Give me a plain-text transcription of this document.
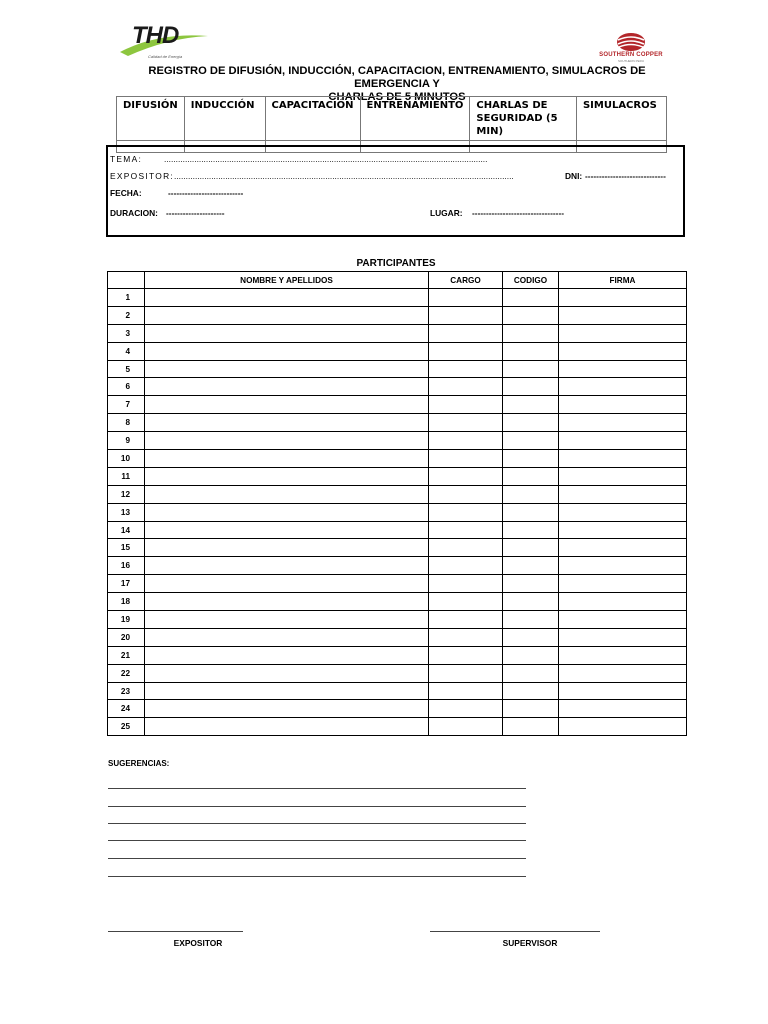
THD
Calidad de Energía	SOUTHERN COPPER
SOUTHERN PERU
REGISTRO DE DIFUSIÓN, INDUCCIÓN, CAPACITACION, ENTRENAMIENTO, SIMULACROS DE EMERGENCIA Y
CHARLAS DE 5 MINUTOS
DIFUSIÓN	INDUCCIÓN	CAPACITACIÓN	ENTRENAMIENTO	CHARLAS DE SEGURIDAD (5 MIN)	SIMULACROS

TEMA:	...........................................................................................................................................
EXPOSITOR: ..................................................................................................................................................	DNI: -----------------------------
FECHA:	---------------------------
DURACION: ---------------------	LUGAR: ---------------------------------
PARTICIPANTES
	NOMBRE Y APELLIDOS	CARGO	CODIGO	FIRMA
1				
2				
3				
4				
5				
6				
7				
8				
9				
10				
11				
12				
13				
14				
15				
16				
17				
18				
19				
20				
21				
22				
23				
24				
25				
SUGERENCIAS:
EXPOSITOR	SUPERVISOR
